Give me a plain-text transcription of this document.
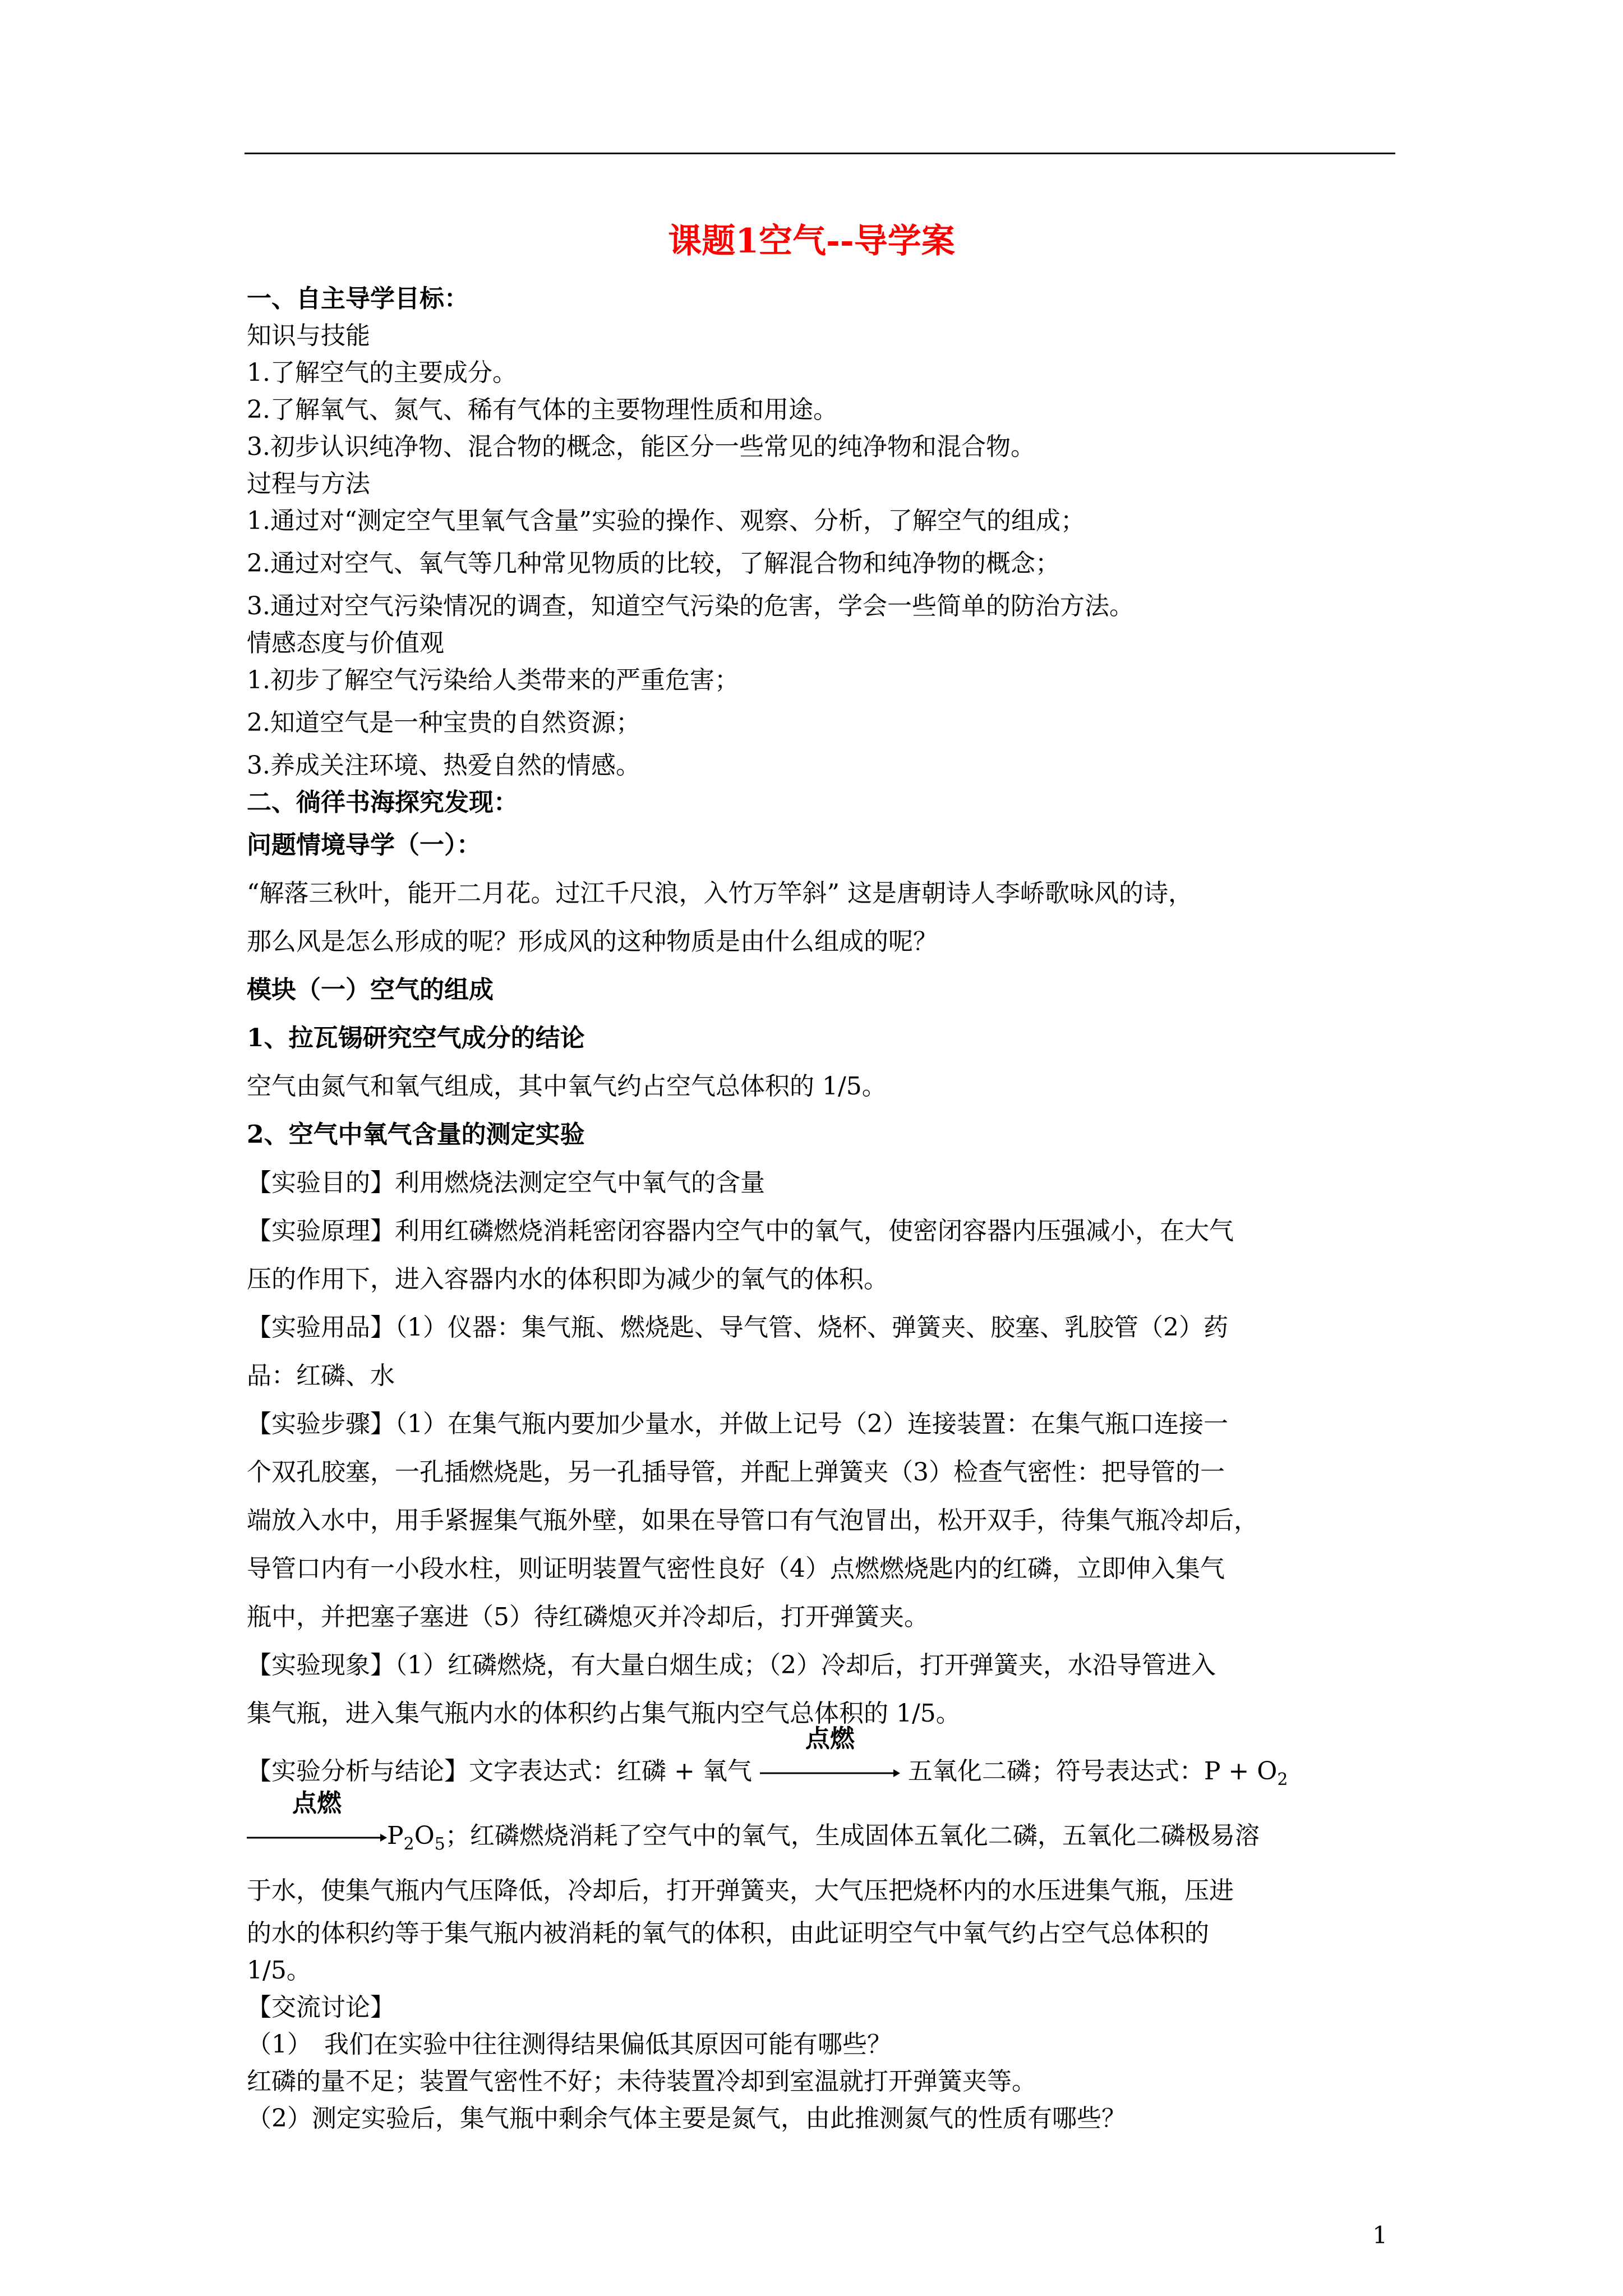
课题1空气--导学案
一、自主导学目标：
知识与技能
1.了解空气的主要成分。
2.了解氧气、氮气、稀有气体的主要物理性质和用途。
3.初步认识纯净物、混合物的概念，能区分一些常见的纯净物和混合物。
过程与方法
1.通过对“测定空气里氧气含量”实验的操作、观察、分析，了解空气的组成；
2.通过对空气、氧气等几种常见物质的比较，了解混合物和纯净物的概念；
3.通过对空气污染情况的调查，知道空气污染的危害，学会一些简单的防治方法。
情感态度与价值观
1.初步了解空气污染给人类带来的严重危害；
2.知道空气是一种宝贵的自然资源；
3.养成关注环境、热爱自然的情感。
二、徜徉书海探究发现：
问题情境导学（一）：
“解落三秋叶，能开二月花。过江千尺浪，入竹万竿斜” 这是唐朝诗人李峤歌咏风的诗，
那么风是怎么形成的呢？形成风的这种物质是由什么组成的呢？
模块（一）空气的组成
1、拉瓦锡研究空气成分的结论
空气由氮气和氧气组成，其中氧气约占空气总体积的 1/5。
2、空气中氧气含量的测定实验
【实验目的】利用燃烧法测定空气中氧气的含量
【实验原理】利用红磷燃烧消耗密闭容器内空气中的氧气，使密闭容器内压强减小，在大气
压的作用下，进入容器内水的体积即为减少的氧气的体积。
【实验用品】（1）仪器：集气瓶、燃烧匙、导气管、烧杯、弹簧夹、胶塞、乳胶管（2）药
品：红磷、水
【实验步骤】（1）在集气瓶内要加少量水，并做上记号（2）连接装置：在集气瓶口连接一
个双孔胶塞，一孔插燃烧匙，另一孔插导管，并配上弹簧夹（3）检查气密性：把导管的一
端放入水中，用手紧握集气瓶外壁，如果在导管口有气泡冒出，松开双手，待集气瓶冷却后，
导管口内有一小段水柱，则证明装置气密性良好（4）点燃燃烧匙内的红磷，立即伸入集气
瓶中，并把塞子塞进（5）待红磷熄灭并冷却后，打开弹簧夹。
【实验现象】（1）红磷燃烧，有大量白烟生成；（2）冷却后，打开弹簧夹，水沿导管进入
集气瓶，进入集气瓶内水的体积约占集气瓶内空气总体积的 1/5。
【实验分析与结论】文字表达式：红磷 + 氧气
点燃
五氧化二磷；符号表达式：$P + O_2$
点燃
$P_2O_5$；红磷燃烧消耗了空气中的氧气，生成固体五氧化二磷，五氧化二磷极易溶
于水，使集气瓶内气压降低，冷却后，打开弹簧夹，大气压把烧杯内的水压进集气瓶，压进
的水的体积约等于集气瓶内被消耗的氧气的体积，由此证明空气中氧气约占空气总体积的
1/5。
【交流讨论】
（1）　我们在实验中往往测得结果偏低其原因可能有哪些？
红磷的量不足；装置气密性不好；未待装置冷却到室温就打开弹簧夹等。
（2）测定实验后，集气瓶中剩余气体主要是氮气，由此推测氮气的性质有哪些？
1
